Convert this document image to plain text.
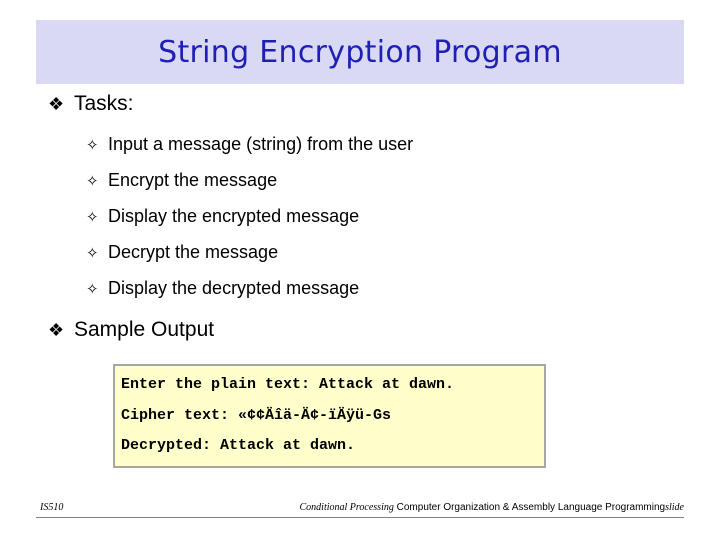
String Encryption Program
❖ Tasks:
✧ Input a message (string) from the user
✧ Encrypt the message
✧ Display the encrypted message
✧ Decrypt the message
✧ Display the decrypted message
❖ Sample Output
Enter the plain text: Attack at dawn.
Cipher text: «¢¢Äîä-Ä¢-ïÄÿü-Gs
Decrypted: Attack at dawn.
IS510	Conditional Processing Computer Organization & Assembly Language Programmingslide
